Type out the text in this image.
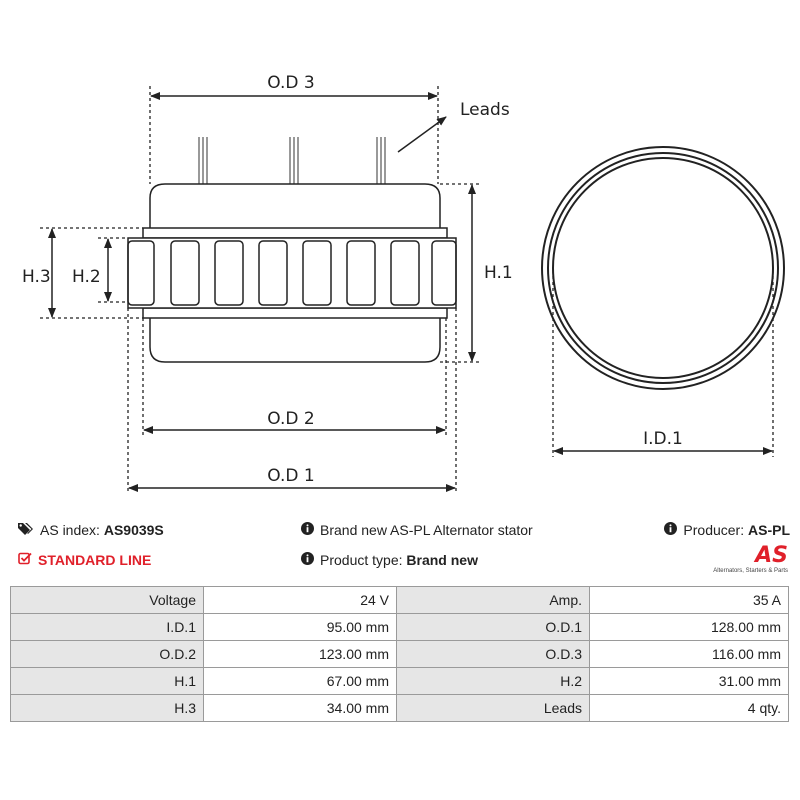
O.D 3
Leads
H.1
H.2
H.3
O.D 2
O.D 1
I.D.1
AS index:
AS9039S	Brand new AS-PL Alternator stator	Producer:
AS-PL
STANDARD LINE	Product type:
Brand new	AS
Alternators, Starters & Parts
Voltage	24 V	Amp.	35 A
I.D.1	95.00 mm	O.D.1	128.00 mm
O.D.2	123.00 mm	O.D.3	116.00 mm
H.1	67.00 mm	H.2	31.00 mm
H.3	34.00 mm	Leads	4 qty.
